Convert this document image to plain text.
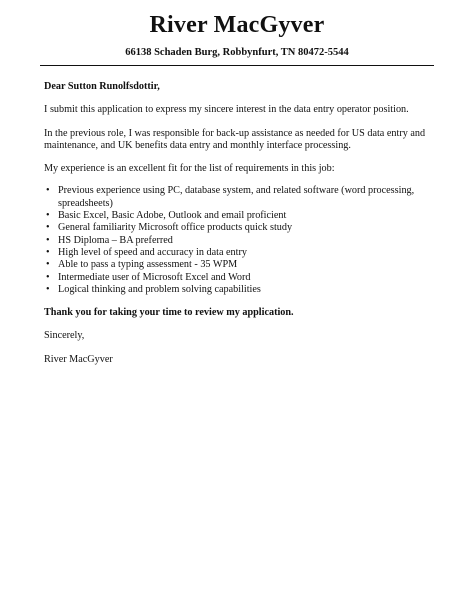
River MacGyver
66138 Schaden Burg, Robbynfurt, TN 80472-5544

Dear Sutton Runolfsdottir,

I submit this application to express my sincere interest in the data entry operator position.

In the previous role, I was responsible for back-up assistance as needed for US data entry and maintenance, and UK benefits data entry and monthly interface processing.

My experience is an excellent fit for the list of requirements in this job:

• Previous experience using PC, database system, and related software (word processing, spreadsheets)
• Basic Excel, Basic Adobe, Outlook and email proficient
• General familiarity Microsoft office products quick study
• HS Diploma – BA preferred
• High level of speed and accuracy in data entry
• Able to pass a typing assessment - 35 WPM
• Intermediate user of Microsoft Excel and Word
• Logical thinking and problem solving capabilities

Thank you for taking your time to review my application.

Sincerely,

River MacGyver
